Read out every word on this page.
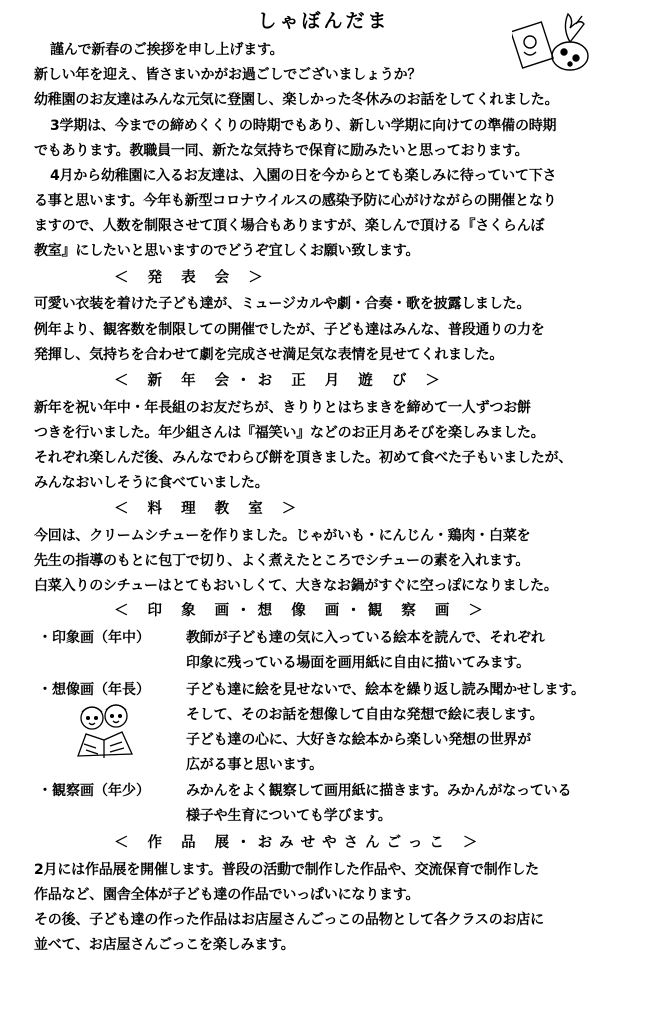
しゃぼんだま
謹んで新春のご挨拶を申し上げます。
新しい年を迎え、皆さまいかがお過ごしでございましょうか？
幼稚園のお友達はみんな元気に登園し、楽しかった冬休みのお話をしてくれました。
3学期は、今までの締めくくりの時期でもあり、新しい学期に向けての準備の時期
でもあります。教職員一同、新たな気持ちで保育に励みたいと思っております。
4月から幼稚園に入るお友達は、入園の日を今からとても楽しみに待っていて下さ
る事と思います。今年も新型コロナウイルスの感染予防に心がけながらの開催となり
ますので、人数を制限させて頂く場合もありますが、楽しんで頂ける『さくらんぼ
教室』にしたいと思いますのでどうぞ宜しくお願い致します。
＜ 発 表 会 ＞
可愛い衣装を着けた子ども達が、ミュージカルや劇・合奏・歌を披露しました。
例年より、観客数を制限しての開催でしたが、子ども達はみんな、普段通りの力を
発揮し、気持ちを合わせて劇を完成させ満足気な表情を見せてくれました。
＜ 新 年 会・お 正 月 遊 び ＞
新年を祝い年中・年長組のお友だちが、きりりとはちまきを締めて一人ずつお餅
つきを行いました。年少組さんは『福笑い』などのお正月あそびを楽しみました。
それぞれ楽しんだ後、みんなでわらび餅を頂きました。初めて食べた子もいましたが、
みんなおいしそうに食べていました。
＜ 料 理 教 室 ＞
今回は、クリームシチューを作りました。じゃがいも・にんじん・鶏肉・白菜を
先生の指導のもとに包丁で切り、よく煮えたところでシチューの素を入れます。
白菜入りのシチューはとてもおいしくて、大きなお鍋がすぐに空っぽになりました。
＜ 印 象 画・想 像 画・観 察 画 ＞
・印象画（年中）	教師が子ども達の気に入っている絵本を読んで、それぞれ
印象に残っている場面を画用紙に自由に描いてみます。
・想像画（年長）	子ども達に絵を見せないで、絵本を繰り返し読み聞かせします。
そして、そのお話を想像して自由な発想で絵に表します。
子ども達の心に、大好きな絵本から楽しい発想の世界が
広がる事と思います。
・観察画（年少）	みかんをよく観察して画用紙に描きます。みかんがなっている
様子や生育についても学びます。
＜ 作 品 展・おみせやさんごっこ ＞
2月には作品展を開催します。普段の活動で制作した作品や、交流保育で制作した
作品など、園舎全体が子ども達の作品でいっぱいになります。
その後、子ども達の作った作品はお店屋さんごっこの品物として各クラスのお店に
並べて、お店屋さんごっこを楽しみます。
